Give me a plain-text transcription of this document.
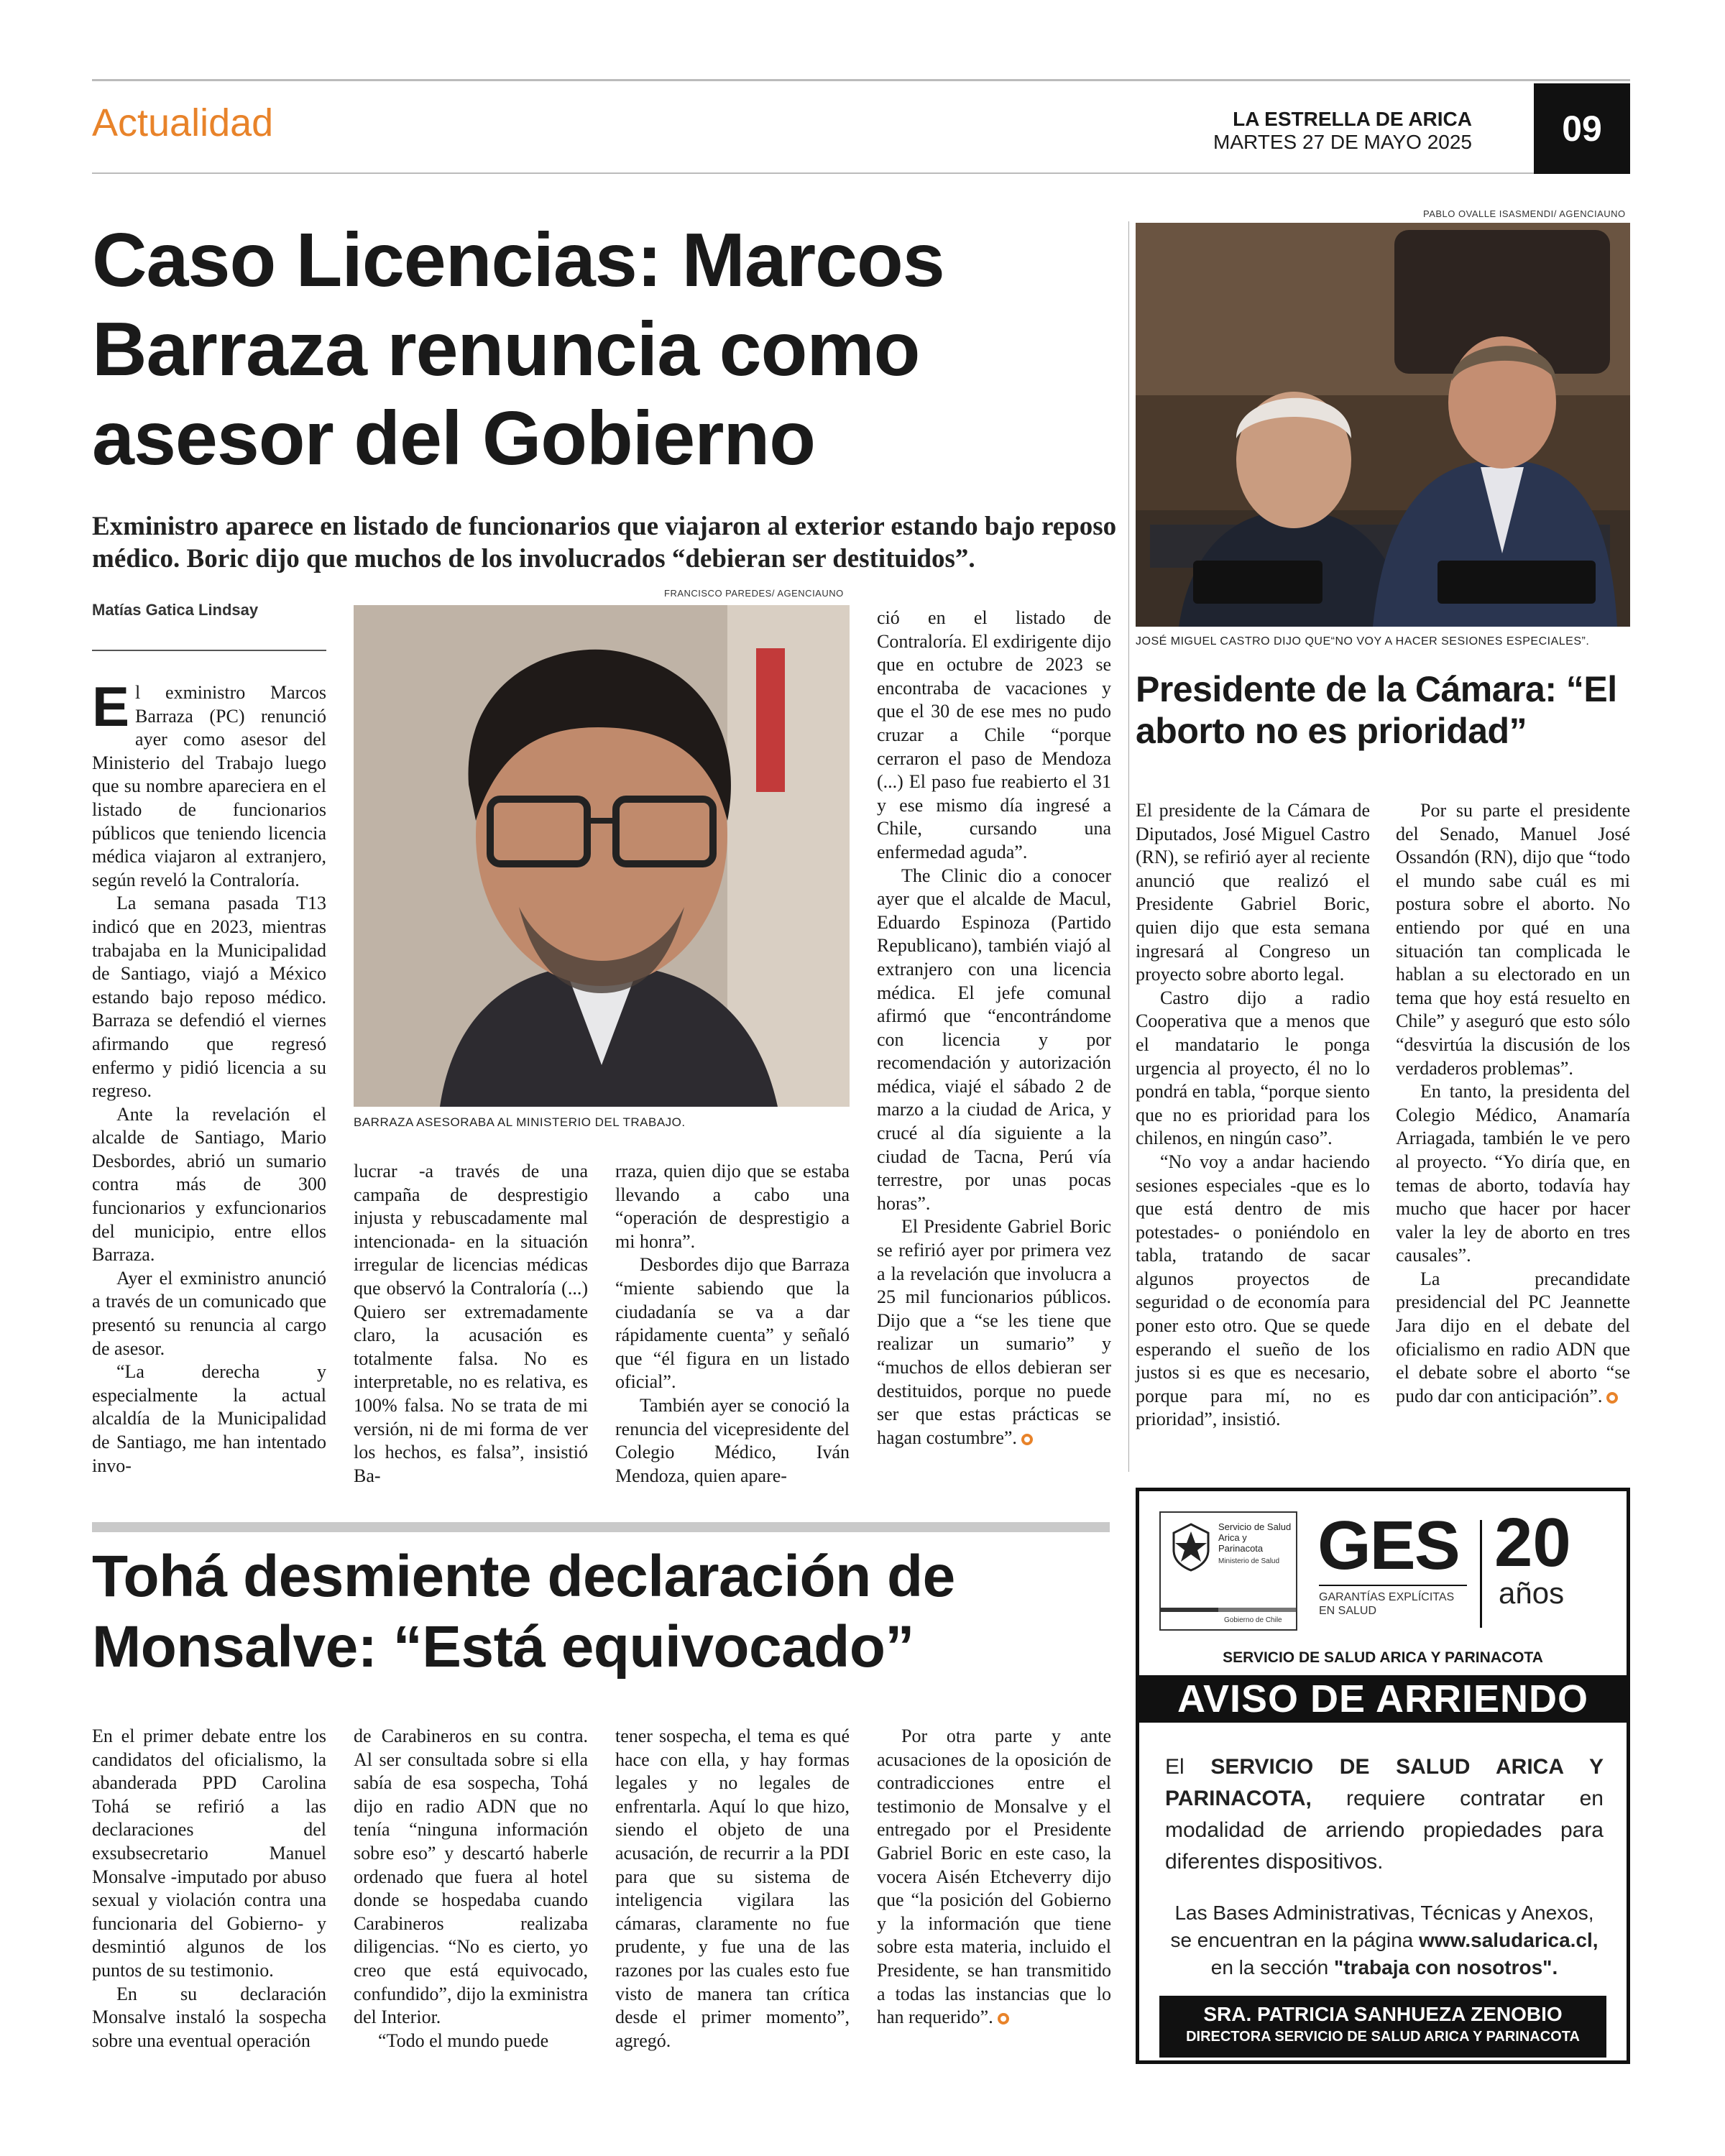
Actualidad	LA ESTRELLA DE ARICA
MARTES 27 DE MAYO 2025	09
Caso Licencias: Marcos Barraza renuncia como asesor del Gobierno
Exministro aparece en listado de funcionarios que viajaron al exterior estando bajo reposo médico. Boric dijo que muchos de los involucrados “debieran ser destituidos”.
Matías Gatica Lindsay
FRANCISCO PAREDES/ AGENCIAUNO
BARRAZA ASESORABA AL MINISTERIO DEL TRABAJO.

El exministro Marcos Barraza (PC) renunció ayer como asesor del Ministerio del Trabajo luego que su nombre apareciera en el listado de funcionarios públicos que teniendo licencia médica viajaron al extranjero, según reveló la Contraloría.

La semana pasada T13 indicó que en 2023, mientras trabajaba en la Municipalidad de Santiago, viajó a México estando bajo reposo médico. Barraza se defendió el viernes afirmando que regresó enfermo y pidió licencia a su regreso.

Ante la revelación el alcalde de Santiago, Mario Desbordes, abrió un sumario contra más de 300 funcionarios y exfuncionarios del municipio, entre ellos Barraza.

Ayer el exministro anunció a través de un comunicado que presentó su renuncia al cargo de asesor.

“La derecha y especialmente la actual alcaldía de la Municipalidad de Santiago, me han intentado invo-

lucrar -a través de una campaña de desprestigio injusta y rebuscadamente mal intencionada- en la situación irregular de licencias médicas que observó la Contraloría (...) Quiero ser extremadamente claro, la acusación es totalmente falsa. No es interpretable, no es relativa, es 100% falsa. No se trata de mi versión, ni de mi forma de ver los hechos, es falsa”, insistió Ba-

rraza, quien dijo que se estaba llevando a cabo una “operación de desprestigio a mi honra”.

Desbordes dijo que Barraza “miente sabiendo que la ciudadanía se va a dar rápidamente cuenta” y señaló que “él figura en un listado oficial”.

También ayer se conoció la renuncia del vicepresidente del Colegio Médico, Iván Mendoza, quien apare-

ció en el listado de Contraloría. El exdirigente dijo que en octubre de 2023 se encontraba de vacaciones y que el 30 de ese mes no pudo cruzar a Chile “porque cerraron el paso de Mendoza (...) El paso fue reabierto el 31 y ese mismo día ingresé a Chile, cursando una enfermedad aguda”.

The Clinic dio a conocer ayer que el alcalde de Macul, Eduardo Espinoza (Partido Republicano), también viajó al extranjero con una licencia médica. El jefe comunal afirmó que “encontrándome con licencia y por recomendación y autorización médica, viajé el sábado 2 de marzo a la ciudad de Arica, y crucé al día siguiente a la ciudad de Tacna, Perú vía terrestre, por unas pocas horas”.

El Presidente Gabriel Boric se refirió ayer por primera vez a la revelación que involucra a 25 mil funcionarios públicos. Dijo que a “se les tiene que realizar un sumario” y “muchos de ellos debieran ser destituidos, porque no puede ser que estas prácticas se hagan costumbre”.

PABLO OVALLE ISASMENDI/ AGENCIAUNO
JOSÉ MIGUEL CASTRO DIJO QUE“NO VOY A HACER SESIONES ESPECIALES”.
Presidente de la Cámara: “El aborto no es prioridad”

El presidente de la Cámara de Diputados, José Miguel Castro (RN), se refirió ayer al reciente anunció que realizó el Presidente Gabriel Boric, quien dijo que esta semana ingresará al Congreso un proyecto sobre aborto legal.

Castro dijo a radio Cooperativa que a menos que el mandatario le ponga urgencia al proyecto, él no lo pondrá en tabla, “porque siento que no es prioridad para los chilenos, en ningún caso”.

“No voy a andar haciendo sesiones especiales -que es lo que está dentro de mis potestades- o poniéndolo en tabla, tratando de sacar algunos proyectos de seguridad o de economía para poner esto otro. Que se quede esperando el sueño de los justos si es que es necesario, porque para mí, no es prioridad”, insistió.

Por su parte el presidente del Senado, Manuel José Ossandón (RN), dijo que “todo el mundo sabe cuál es mi postura sobre el aborto. No entiendo por qué en una situación tan complicada le hablan a su electorado en un tema que hoy está resuelto en Chile” y aseguró que esto sólo “desvirtúa la discusión de los verdaderos problemas”.

En tanto, la presidenta del Colegio Médico, Anamaría Arriagada, también le ve pero al proyecto. “Yo diría que, en temas de aborto, todavía hay mucho que hacer por hacer valer la ley de aborto en tres causales”.

La precandidate presidencial del PC Jeannette Jara dijo en el debate del oficialismo en radio ADN que el debate sobre el aborto “se pudo dar con anticipación”.

Tohá desmiente declaración de Monsalve: “Está equivocado”

En el primer debate entre los candidatos del oficialismo, la abanderada PPD Carolina Tohá se refirió a las declaraciones del exsubsecretario Manuel Monsalve -imputado por abuso sexual y violación contra una funcionaria del Gobierno- y desmintió algunos de los puntos de su testimonio.

En su declaración Monsalve instaló la sospecha sobre una eventual operación

de Carabineros en su contra. Al ser consultada sobre si ella sabía de esa sospecha, Tohá dijo en radio ADN que no tenía “ninguna información sobre eso” y descartó haberle ordenado que fuera al hotel donde se hospedaba cuando Carabineros realizaba diligencias. “No es cierto, yo creo que está equivocado, confundido”, dijo la exministra del Interior.

“Todo el mundo puede

tener sospecha, el tema es qué hace con ella, y hay formas legales y no legales de enfrentarla. Aquí lo que hizo, siendo el objeto de una acusación, de recurrir a la PDI para que su sistema de inteligencia vigilara las cámaras, claramente no fue prudente, y fue una de las razones por las cuales esto fue visto de manera tan crítica desde el primer momento”, agregó.

Por otra parte y ante acusaciones de la oposición de contradicciones entre el testimonio de Monsalve y el entregado por el Presidente Gabriel Boric en este caso, la vocera Aisén Etcheverry dijo que “la posición del Gobierno y la información que tiene sobre esta materia, incluido el Presidente, se han transmitido a todas las instancias que lo han requerido”.

Servicio de Salud Arica y Parinacota
Ministerio de Salud
Gobierno de Chile
GES
GARANTÍAS EXPLÍCITAS EN SALUD
20
años
SERVICIO DE SALUD ARICA Y PARINACOTA
AVISO DE ARRIENDO
El SERVICIO DE SALUD ARICA Y PARINACOTA, requiere contratar en modalidad de arriendo propiedades para diferentes dispositivos.
Las Bases Administrativas, Técnicas y Anexos, se encuentran en la página www.saludarica.cl,
en la sección "trabaja con nosotros".
SRA. PATRICIA SANHUEZA ZENOBIO
DIRECTORA SERVICIO DE SALUD ARICA Y PARINACOTA
